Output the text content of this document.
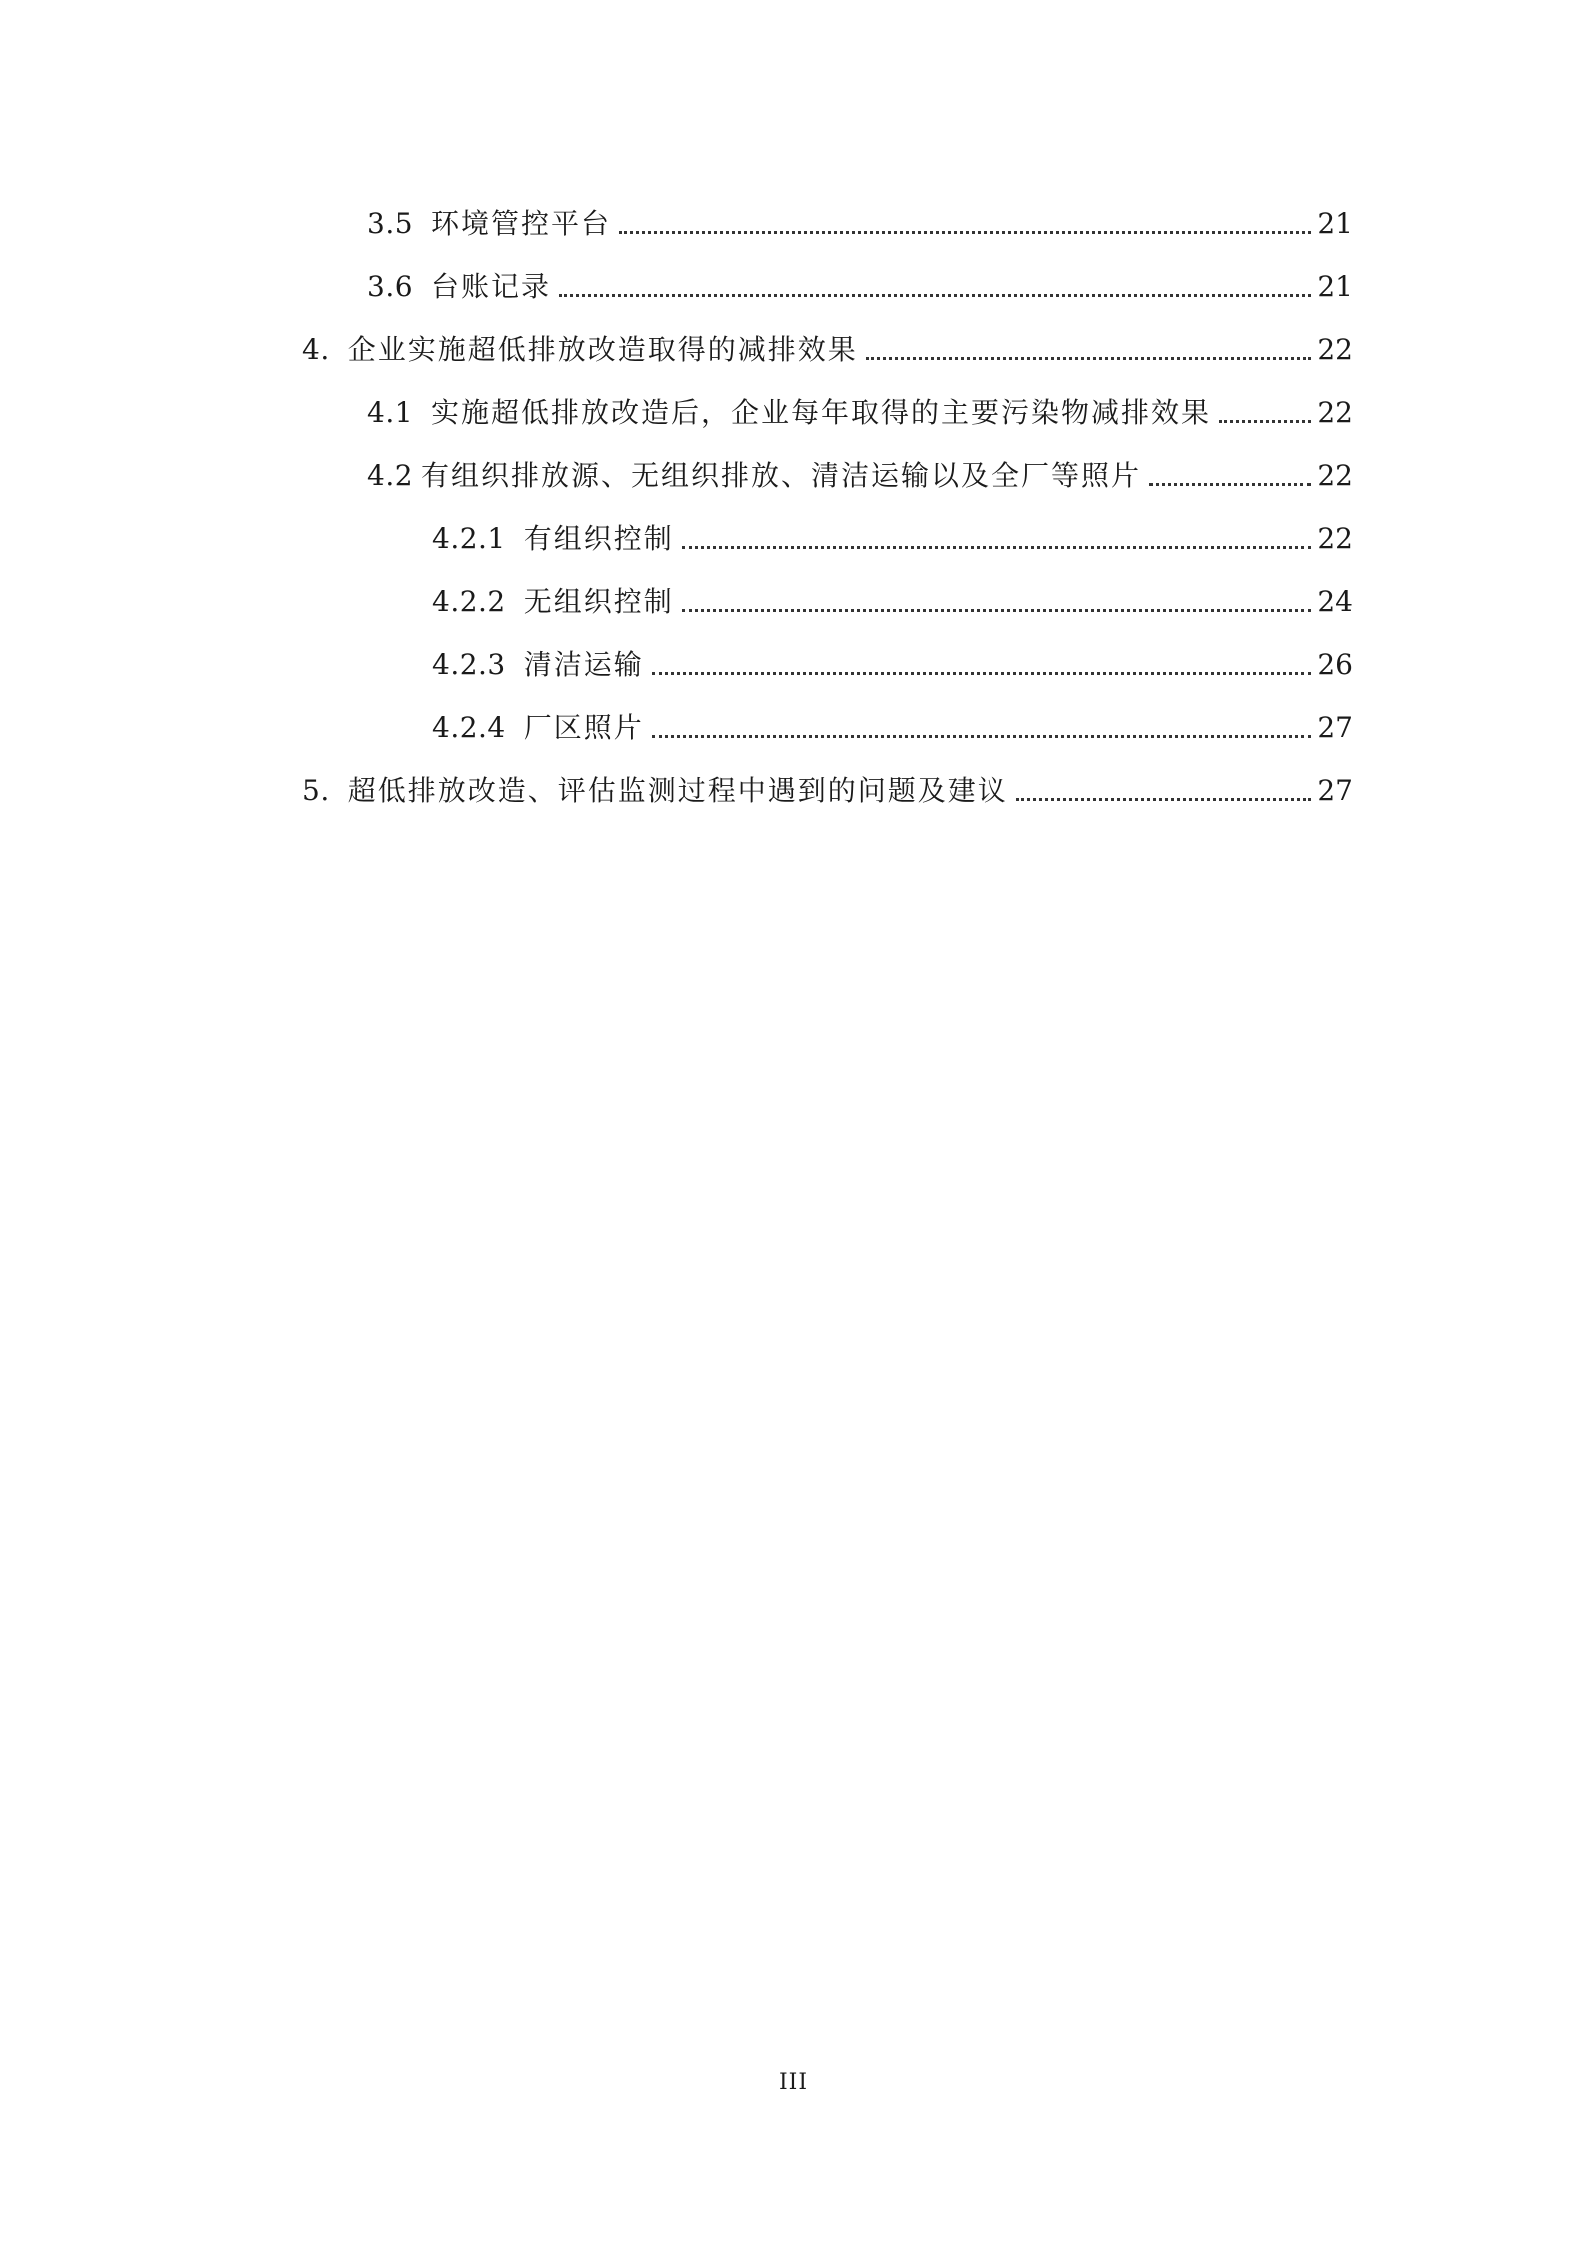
3.5 环境管控平台	21
3.6 台账记录	21
4. 企业实施超低排放改造取得的减排效果	22
4.1 实施超低排放改造后，企业每年取得的主要污染物减排效果	22
4.2 有组织排放源、无组织排放、清洁运输以及全厂等照片	22
4.2.1 有组织控制	22
4.2.2 无组织控制	24
4.2.3 清洁运输	26
4.2.4 厂区照片	27
5. 超低排放改造、评估监测过程中遇到的问题及建议	27
III
